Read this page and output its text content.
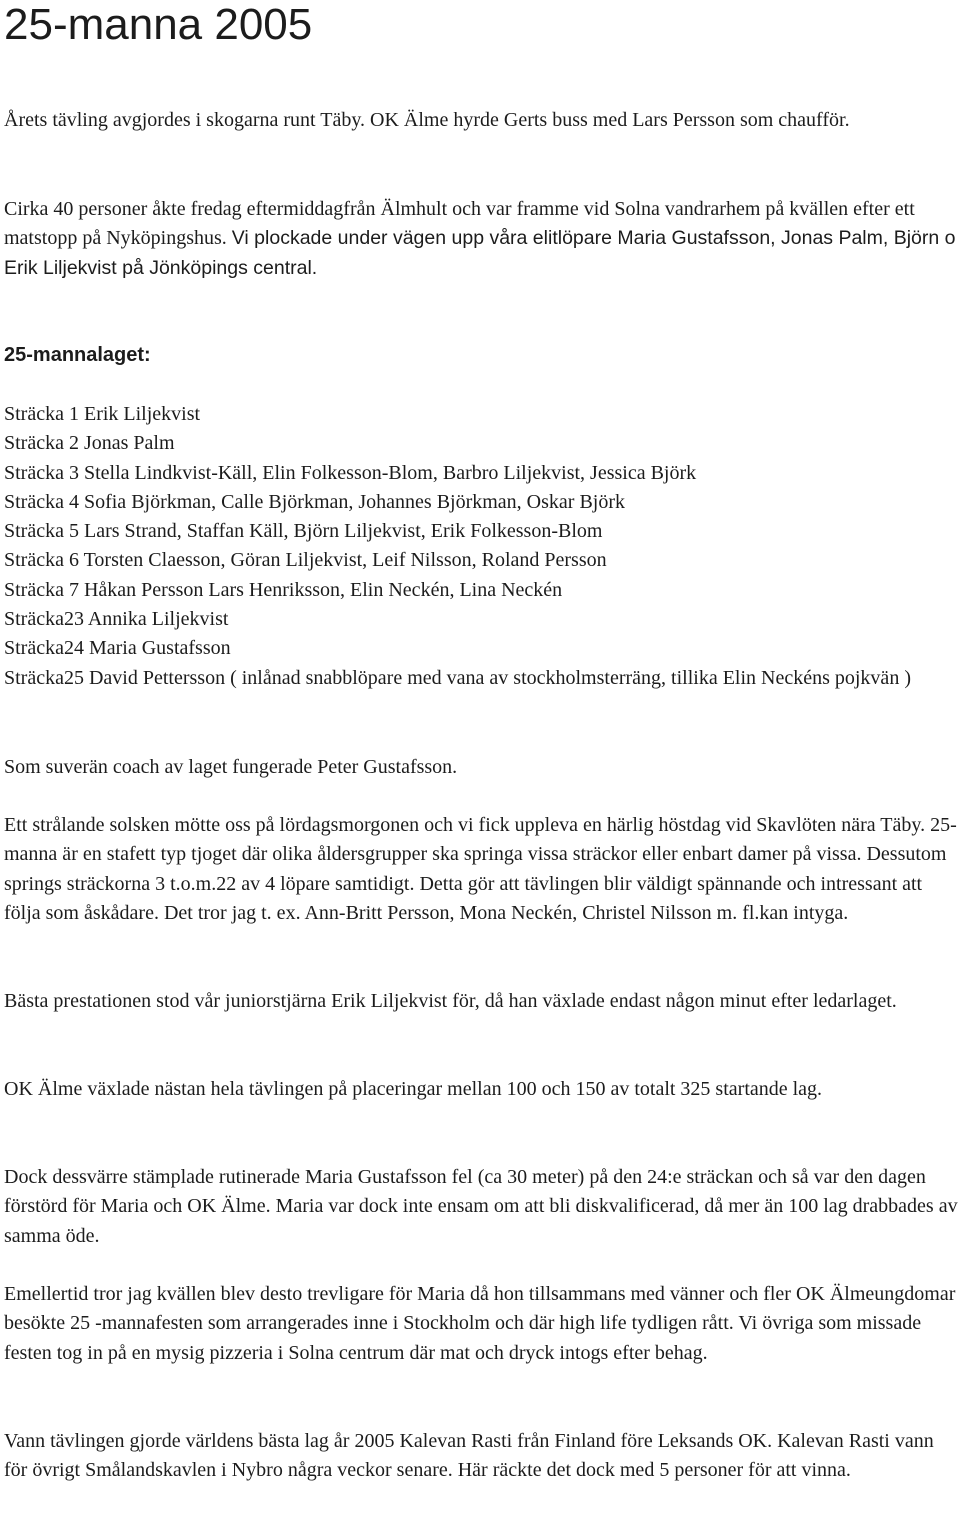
25-manna 2005

Årets tävling avgjordes i skogarna runt Täby. OK Älme hyrde Gerts buss med Lars Persson som chaufför.

Cirka 40 personer åkte fredag eftermiddagfrån Älmhult och var framme vid Solna vandrarhem på kvällen efter ett matstopp på Nyköpingshus. Vi plockade under vägen upp våra elitlöpare Maria Gustafsson, Jonas Palm, Björn o Erik Liljekvist på Jönköpings central.

25-mannalaget:
Sträcka 1 Erik Liljekvist
Sträcka 2 Jonas Palm
Sträcka 3 Stella Lindkvist-Käll, Elin Folkesson-Blom, Barbro Liljekvist, Jessica Björk
Sträcka 4 Sofia Björkman, Calle Björkman, Johannes Björkman, Oskar Björk
Sträcka 5 Lars Strand, Staffan Käll, Björn Liljekvist, Erik Folkesson-Blom
Sträcka 6 Torsten Claesson, Göran Liljekvist, Leif Nilsson, Roland Persson
Sträcka 7 Håkan Persson Lars Henriksson, Elin Neckén, Lina Neckén
Sträcka23 Annika Liljekvist
Sträcka24 Maria Gustafsson
Sträcka25 David Pettersson ( inlånad snabblöpare med vana av stockholmsterräng, tillika Elin Neckéns pojkvän )

Som suverän coach av laget fungerade Peter Gustafsson.

Ett strålande solsken mötte oss på lördagsmorgonen och vi fick uppleva en härlig höstdag vid Skavlöten nära Täby. 25-manna är en stafett typ tjoget där olika åldersgrupper ska springa vissa sträckor eller enbart damer på vissa. Dessutom springs sträckorna 3 t.o.m.22 av 4 löpare samtidigt. Detta gör att tävlingen blir väldigt spännande och intressant att följa som åskådare. Det tror jag t. ex. Ann-Britt Persson, Mona Neckén, Christel Nilsson m. fl.kan intyga.

Bästa prestationen stod vår juniorstjärna Erik Liljekvist för, då han växlade endast någon minut efter ledarlaget.

OK Älme växlade nästan hela tävlingen på placeringar mellan 100 och 150 av totalt 325 startande lag.

Dock dessvärre stämplade rutinerade Maria Gustafsson fel (ca 30 meter) på den 24:e sträckan och så var den dagen förstörd för Maria och OK Älme. Maria var dock inte ensam om att bli diskvalificerad, då mer än 100 lag drabbades av samma öde.

Emellertid tror jag kvällen blev desto trevligare för Maria då hon tillsammans med vänner och fler OK Älmeungdomar besökte 25 -mannafesten som arrangerades inne i Stockholm och där high life tydligen rått. Vi övriga som missade festen tog in på en mysig pizzeria i Solna centrum där mat och dryck intogs efter behag.

Vann tävlingen gjorde världens bästa lag år 2005 Kalevan Rasti från Finland före Leksands OK. Kalevan Rasti vann för övrigt Smålandskavlen i Nybro några veckor senare. Här räckte det dock med 5 personer för att vinna.
